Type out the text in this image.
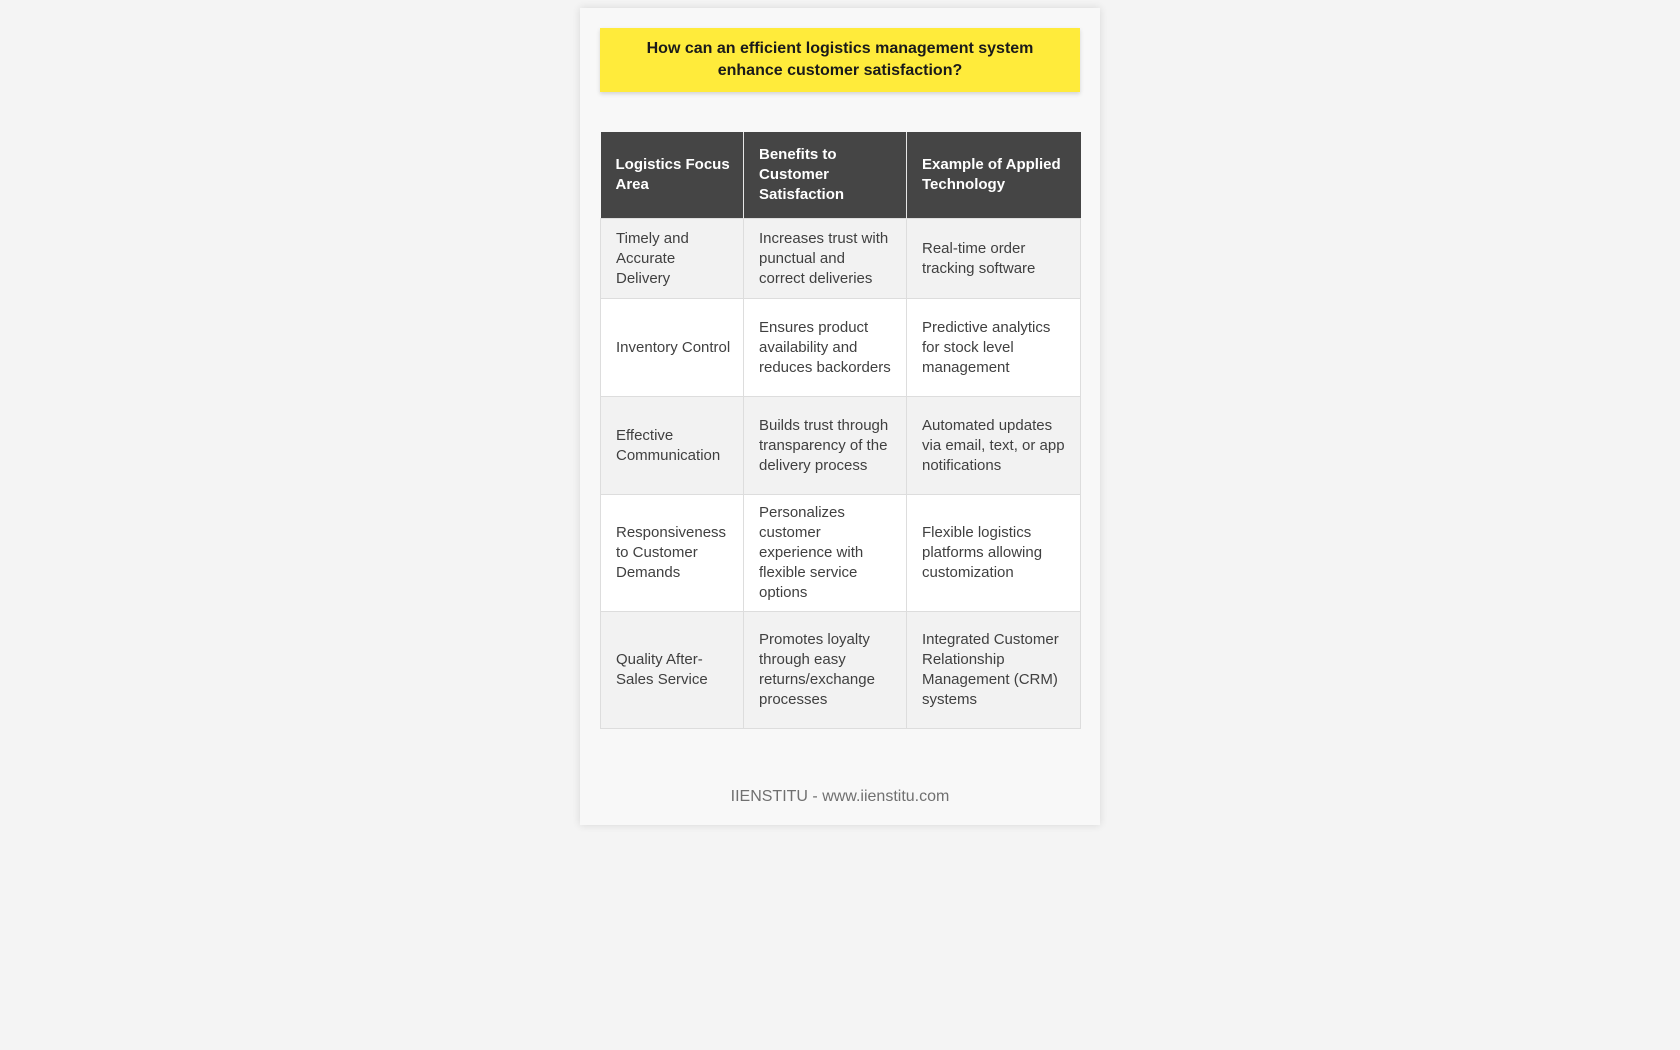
How can an efficient logistics management system enhance customer satisfaction?
Logistics Focus Area	Benefits to Customer Satisfaction	Example of Applied Technology
Timely and Accurate Delivery	Increases trust with punctual and correct deliveries	Real-time order tracking software
Inventory Control	Ensures product availability and reduces backorders	Predictive analytics for stock level management
Effective Communication	Builds trust through transparency of the delivery process	Automated updates via email, text, or app notifications
Responsiveness to Customer Demands	Personalizes customer experience with flexible service options	Flexible logistics platforms allowing customization
Quality After-Sales Service	Promotes loyalty through easy returns/exchange processes	Integrated Customer Relationship Management (CRM) systems
IIENSTITU - www.iienstitu.com
